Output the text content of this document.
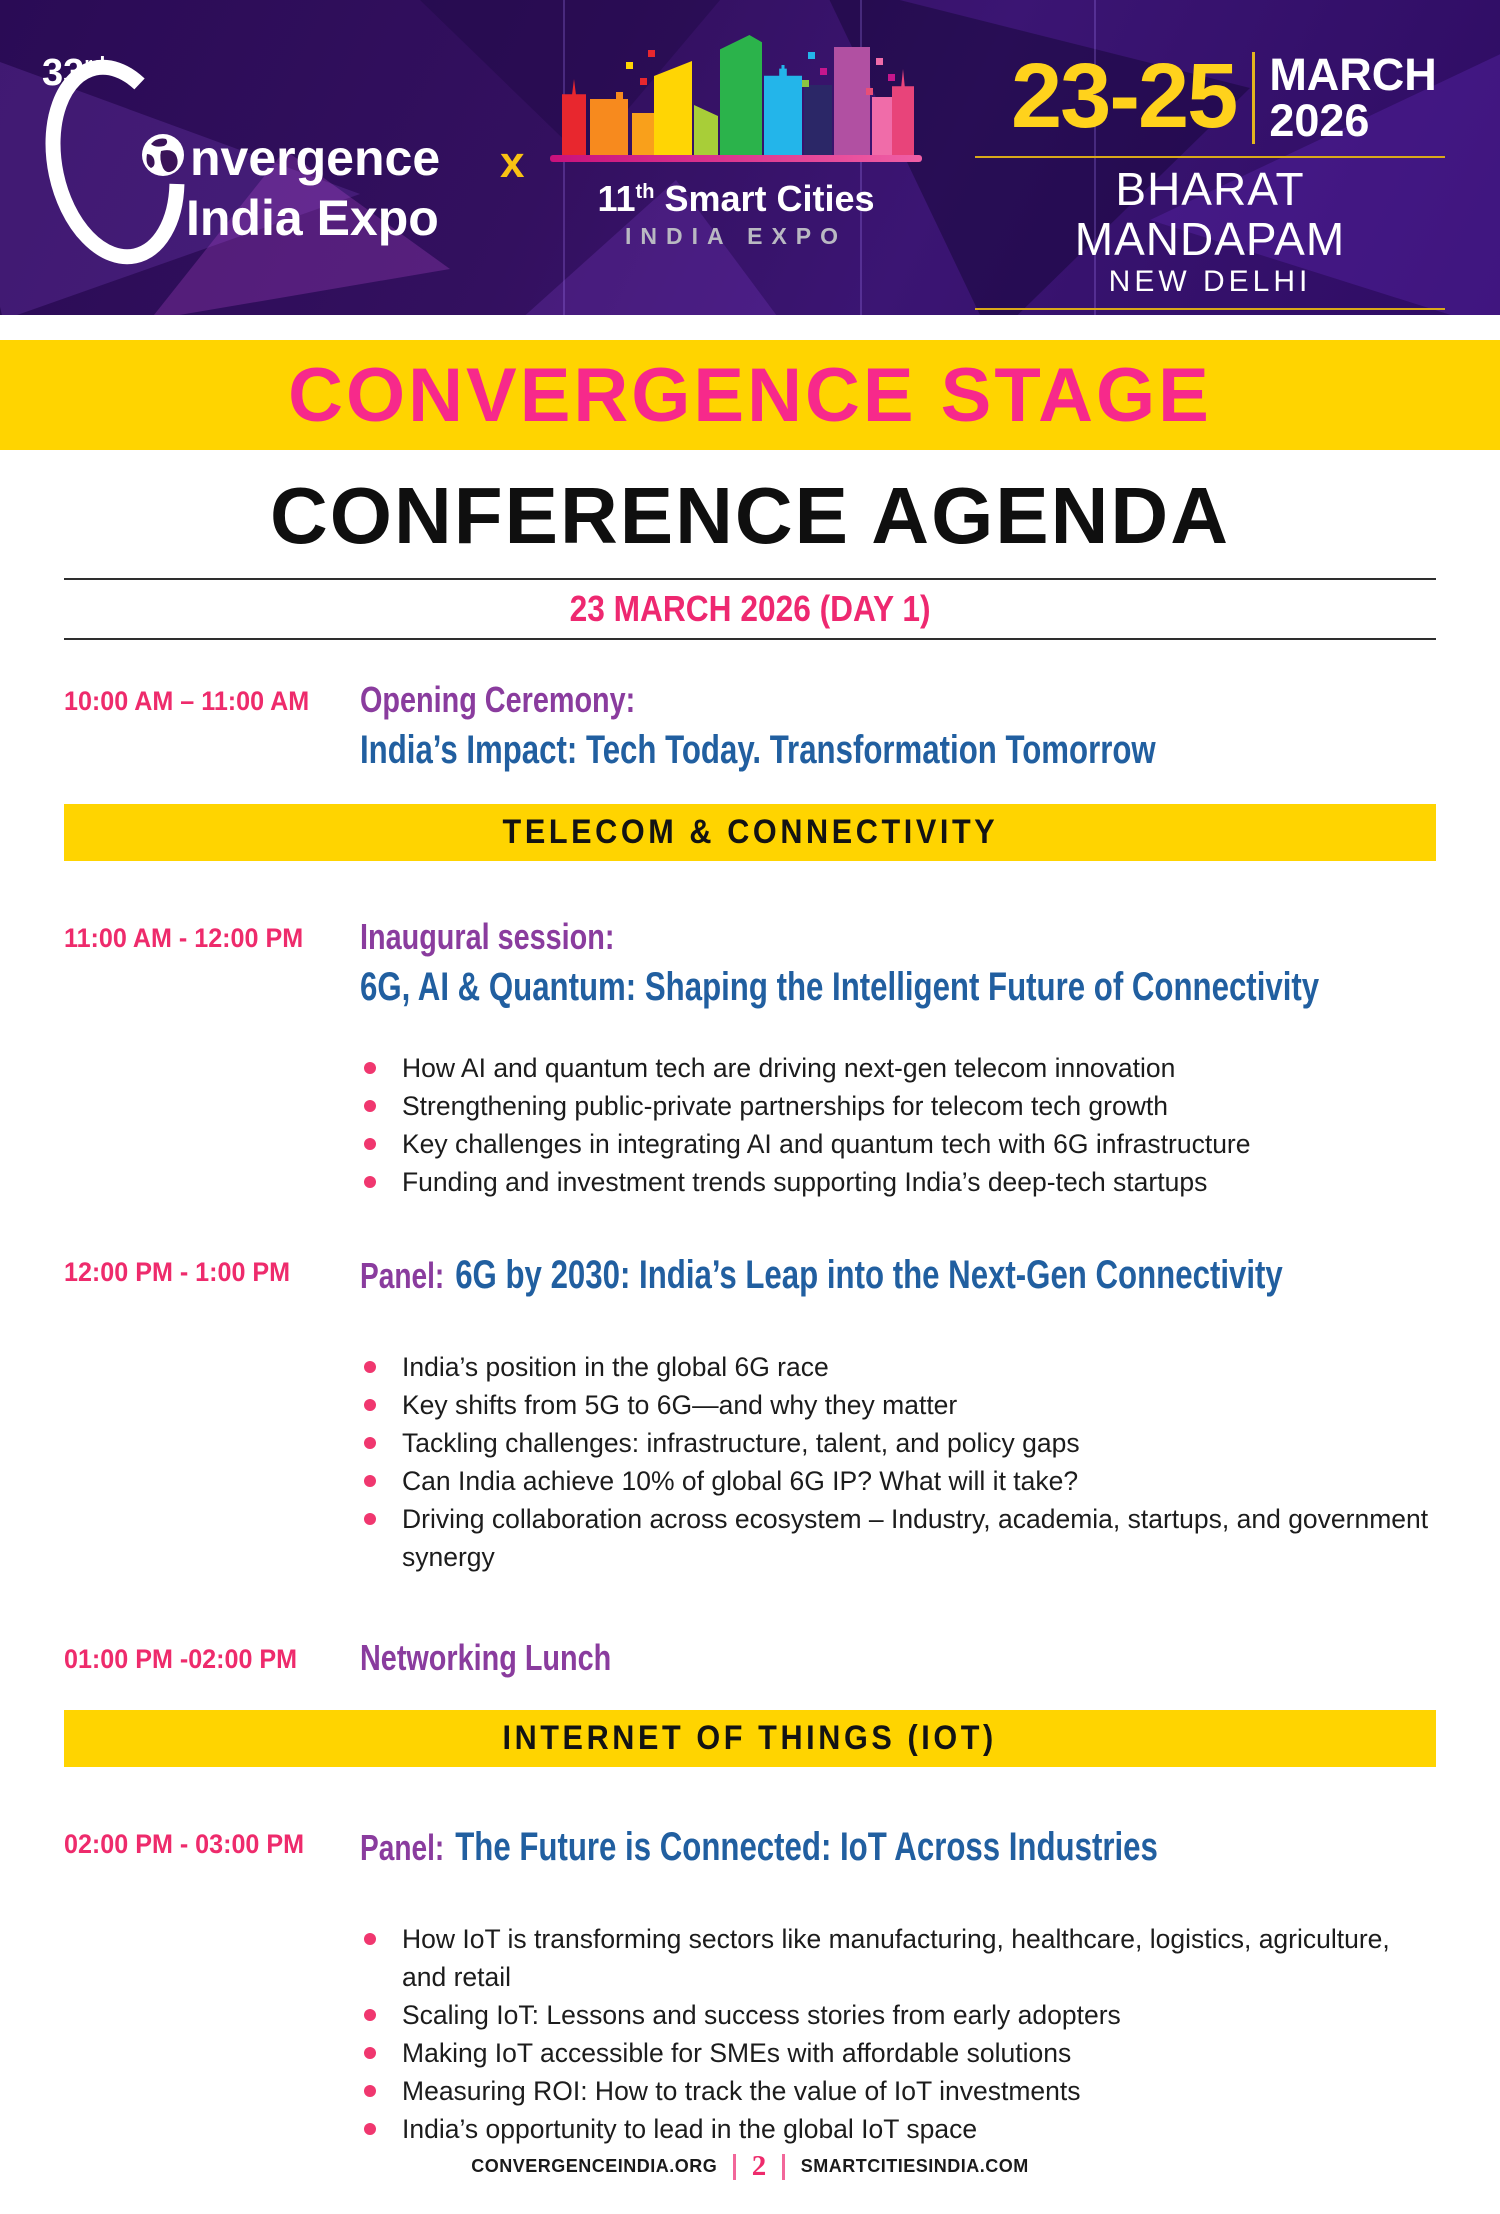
33rd
nvergence
India Expo
x
11th Smart Cities
INDIA EXPO
23-25 MARCH
2026
BHARAT MANDAPAM
NEW DELHI
CONVERGENCE STAGE
CONFERENCE AGENDA
23 MARCH 2026 (DAY 1)
10:00 AM – 11:00 AM	Opening Ceremony:
India’s Impact: Tech Today. Transformation Tomorrow
TELECOM & CONNECTIVITY
11:00 AM - 12:00 PM	Inaugural session:
6G, AI & Quantum: Shaping the Intelligent Future of Connectivity
How AI and quantum tech are driving next-gen telecom innovation
Strengthening public-private partnerships for telecom tech growth
Key challenges in integrating AI and quantum tech with 6G infrastructure
Funding and investment trends supporting India’s deep-tech startups
12:00 PM - 1:00 PM	Panel: 6G by 2030: India’s Leap into the Next-Gen Connectivity
India’s position in the global 6G race
Key shifts from 5G to 6G—and why they matter
Tackling challenges: infrastructure, talent, and policy gaps
Can India achieve 10% of global 6G IP? What will it take?
Driving collaboration across ecosystem – Industry, academia, startups, and government synergy
01:00 PM -02:00 PM	Networking Lunch
INTERNET OF THINGS (IOT)
02:00 PM - 03:00 PM	Panel: The Future is Connected: IoT Across Industries
How IoT is transforming sectors like manufacturing, healthcare, logistics, agriculture, and retail
Scaling IoT: Lessons and success stories from early adopters
Making IoT accessible for SMEs with affordable solutions
Measuring ROI: How to track the value of IoT investments
India’s opportunity to lead in the global IoT space
CONVERGENCEINDIA.ORG 2 SMARTCITIESINDIA.COM
